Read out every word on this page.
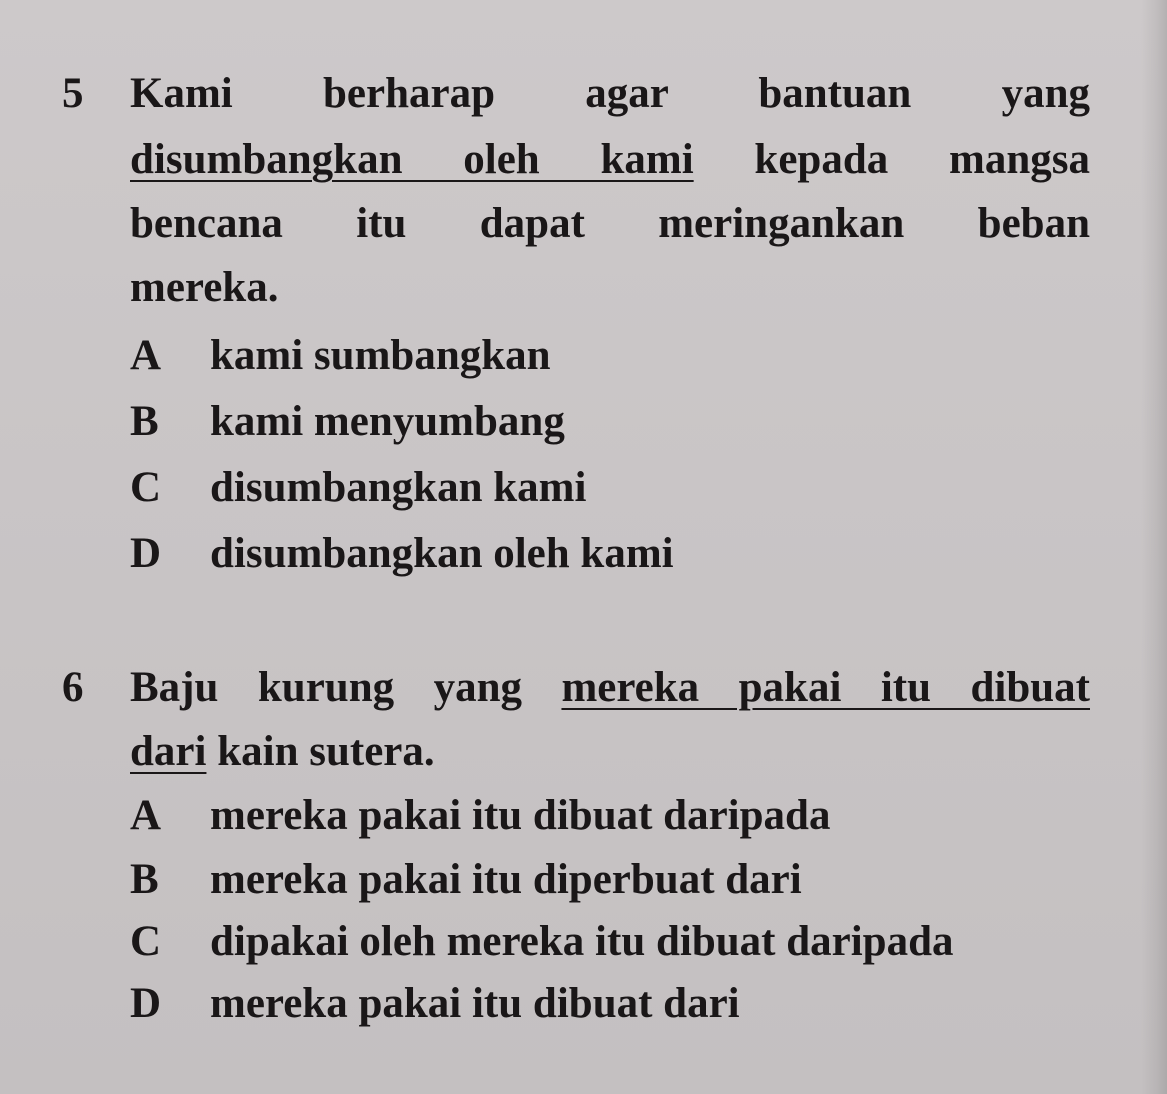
5 Kami berharap agar bantuan yang
disumbangkan oleh kami kepada mangsa
bencana itu dapat meringankan beban
mereka.
A kami sumbangkan
B kami menyumbang
C disumbangkan kami
D disumbangkan oleh kami
6 Baju kurung yang mereka pakai itu dibuat
dari kain sutera.
A mereka pakai itu dibuat daripada
B mereka pakai itu diperbuat dari
C dipakai oleh mereka itu dibuat daripada
D mereka pakai itu dibuat dari
